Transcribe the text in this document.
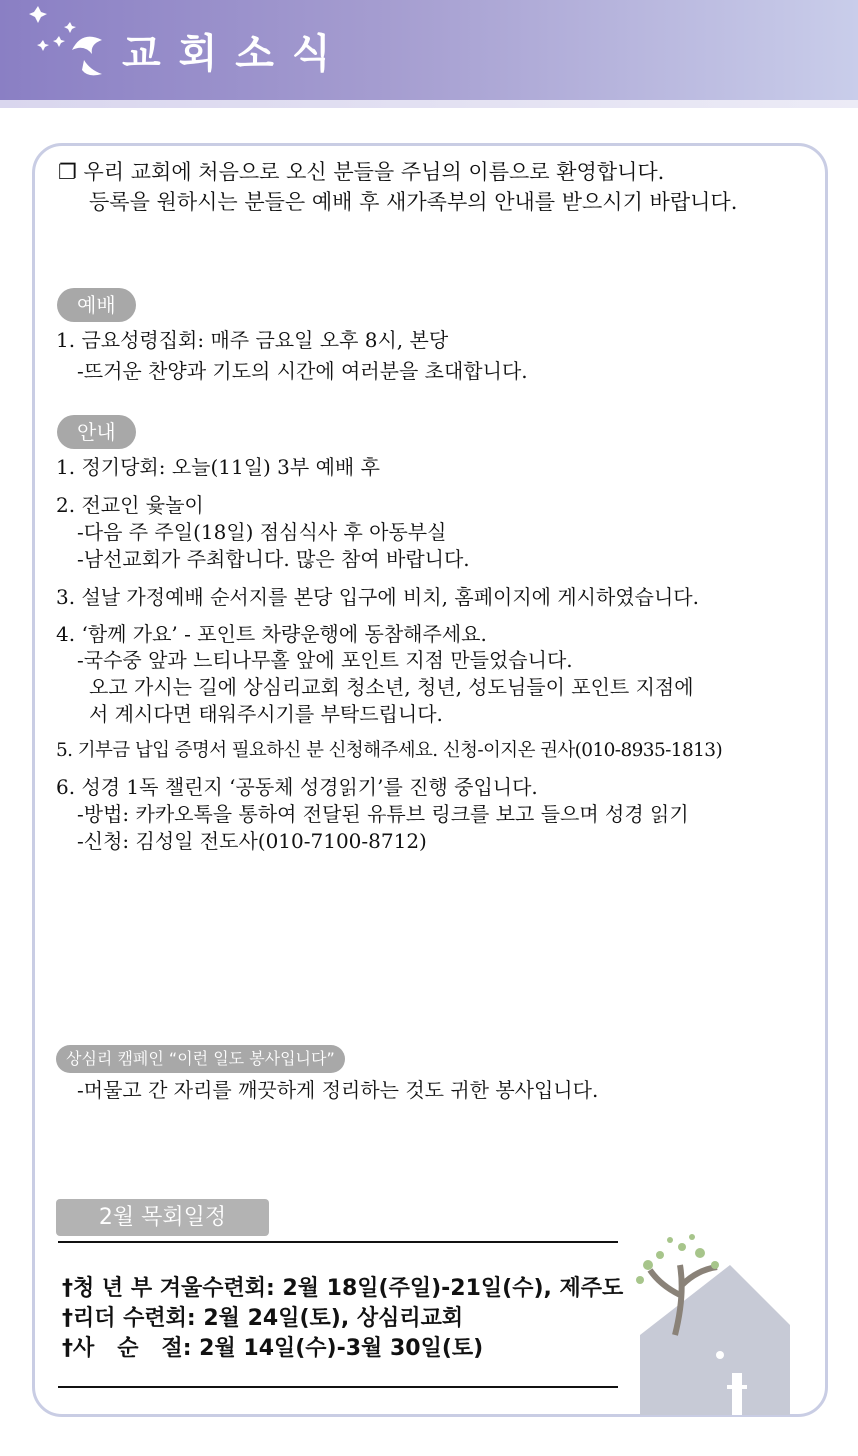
교회소식
❐ 우리 교회에 처음으로 오신 분들을 주님의 이름으로 환영합니다.
등록을 원하시는 분들은 예배 후 새가족부의 안내를 받으시기 바랍니다.
예배
1. 금요성령집회: 매주 금요일 오후 8시, 본당
-뜨거운 찬양과 기도의 시간에 여러분을 초대합니다.
안내
1. 정기당회: 오늘(11일) 3부 예배 후
2. 전교인 윷놀이
-다음 주 주일(18일) 점심식사 후 아동부실
-남선교회가 주최합니다. 많은 참여 바랍니다.
3. 설날 가정예배 순서지를 본당 입구에 비치, 홈페이지에 게시하였습니다.
4. ‘함께 가요’ - 포인트 차량운행에 동참해주세요.
-국수중 앞과 느티나무홀 앞에 포인트 지점 만들었습니다.
오고 가시는 길에 상심리교회 청소년, 청년, 성도님들이 포인트 지점에
서 계시다면 태워주시기를 부탁드립니다.
5. 기부금 납입 증명서 필요하신 분 신청해주세요. 신청-이지온 권사(010-8935-1813)
6. 성경 1독 챌린지 ‘공동체 성경읽기’를 진행 중입니다.
-방법: 카카오톡을 통하여 전달된 유튜브 링크를 보고 들으며 성경 읽기
-신청: 김성일 전도사(010-7100-8712)
상심리 캠페인 “이런 일도 봉사입니다”
-머물고 간 자리를 깨끗하게 정리하는 것도 귀한 봉사입니다.
2월 목회일정
†청 년 부 겨울수련회: 2월 18일(주일)-21일(수), 제주도
†리더 수련회: 2월 24일(토), 상심리교회
†사   순   절: 2월 14일(수)-3월 30일(토)
